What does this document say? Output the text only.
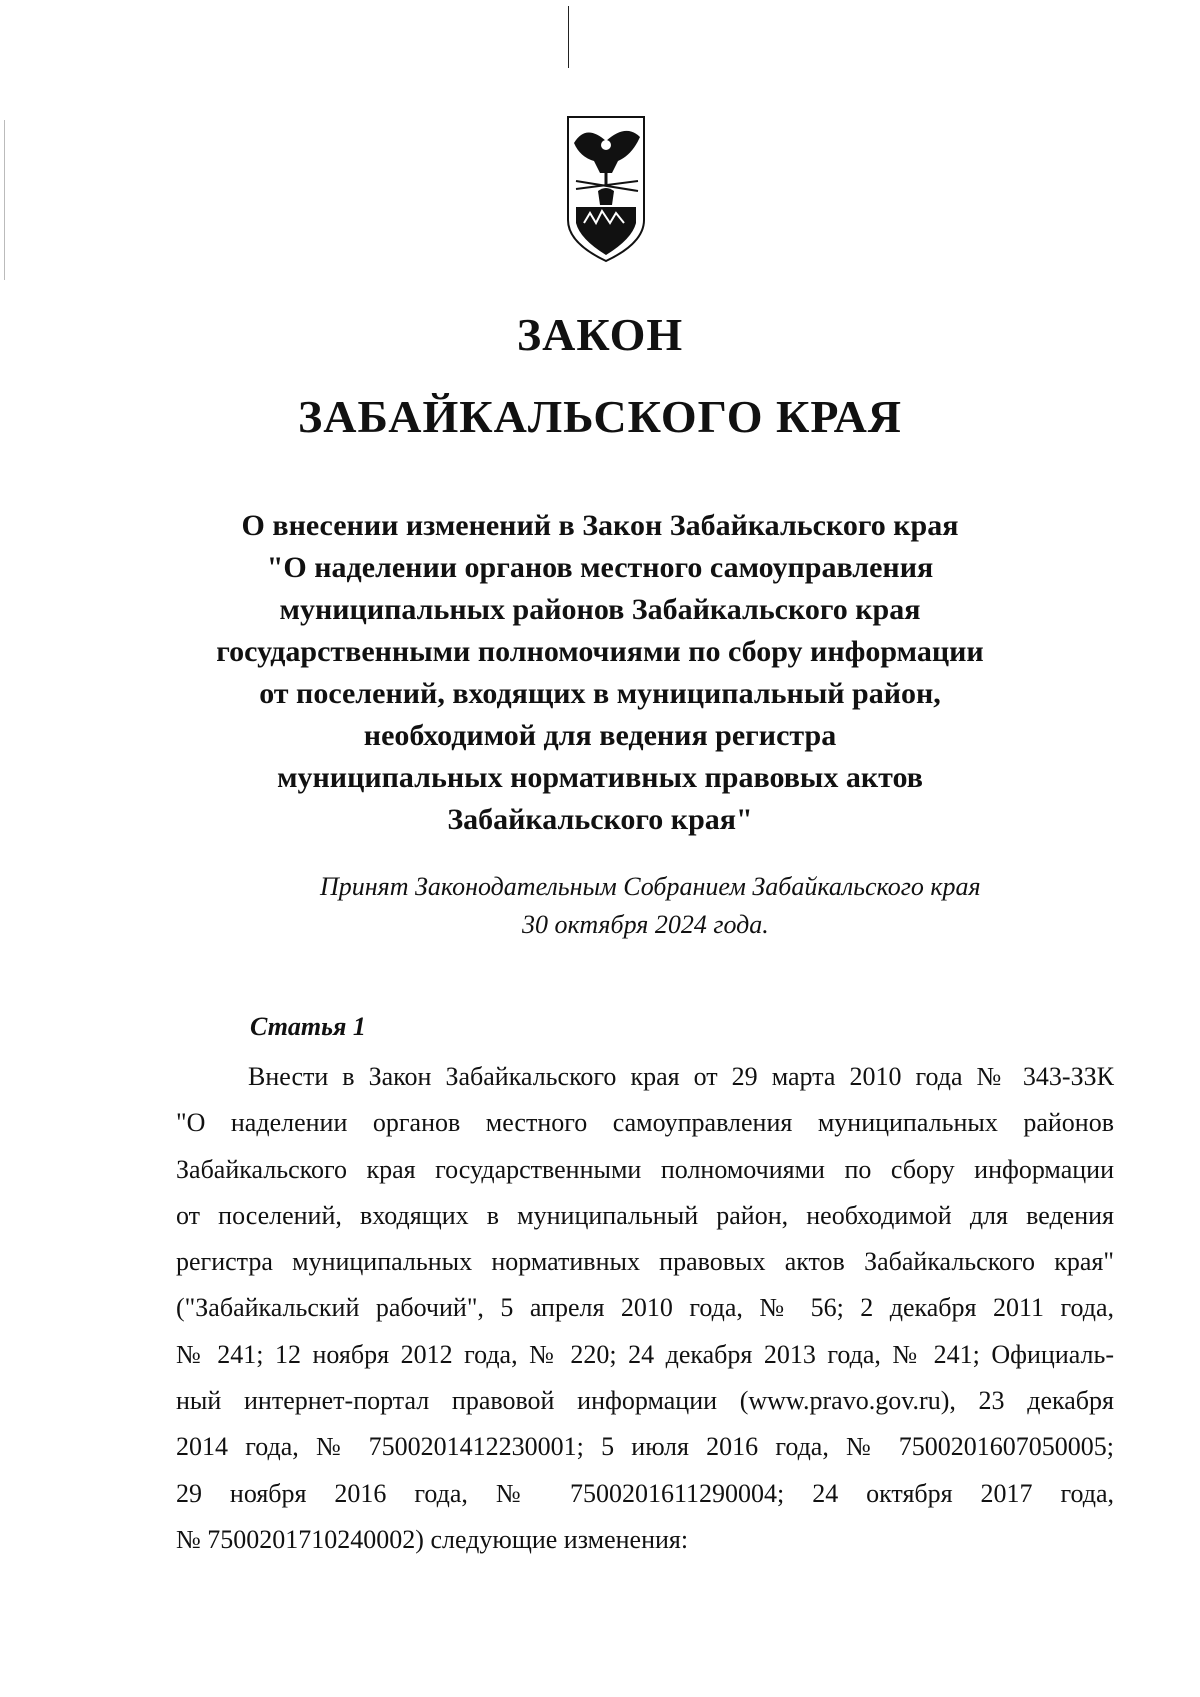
ЗАКОН
ЗАБАЙКАЛЬСКОГО КРАЯ
О внесении изменений в Закон Забайкальского края
"О наделении органов местного самоуправления
муниципальных районов Забайкальского края
государственными полномочиями по сбору информации
от поселений, входящих в муниципальный район,
необходимой для ведения регистра
муниципальных нормативных правовых актов
Забайкальского края"
Принят Законодательным Собранием Забайкальского края
30 октября 2024 года.
Статья 1
Внести в Закон Забайкальского края от 29 марта 2010 года № 343-ЗЗК
"О наделении органов местного самоуправления муниципальных районов
Забайкальского края государственными полномочиями по сбору информации
от поселений, входящих в муниципальный район, необходимой для ведения
регистра муниципальных нормативных правовых актов Забайкальского края"
("Забайкальский рабочий", 5 апреля 2010 года, № 56; 2 декабря 2011 года,
№ 241; 12 ноября 2012 года, № 220; 24 декабря 2013 года, № 241; Официаль-
ный интернет-портал правовой информации (www.pravo.gov.ru), 23 декабря
2014 года, № 7500201412230001; 5 июля 2016 года, № 7500201607050005;
29 ноября 2016 года, № 7500201611290004; 24 октября 2017 года,
№ 7500201710240002) следующие изменения:
